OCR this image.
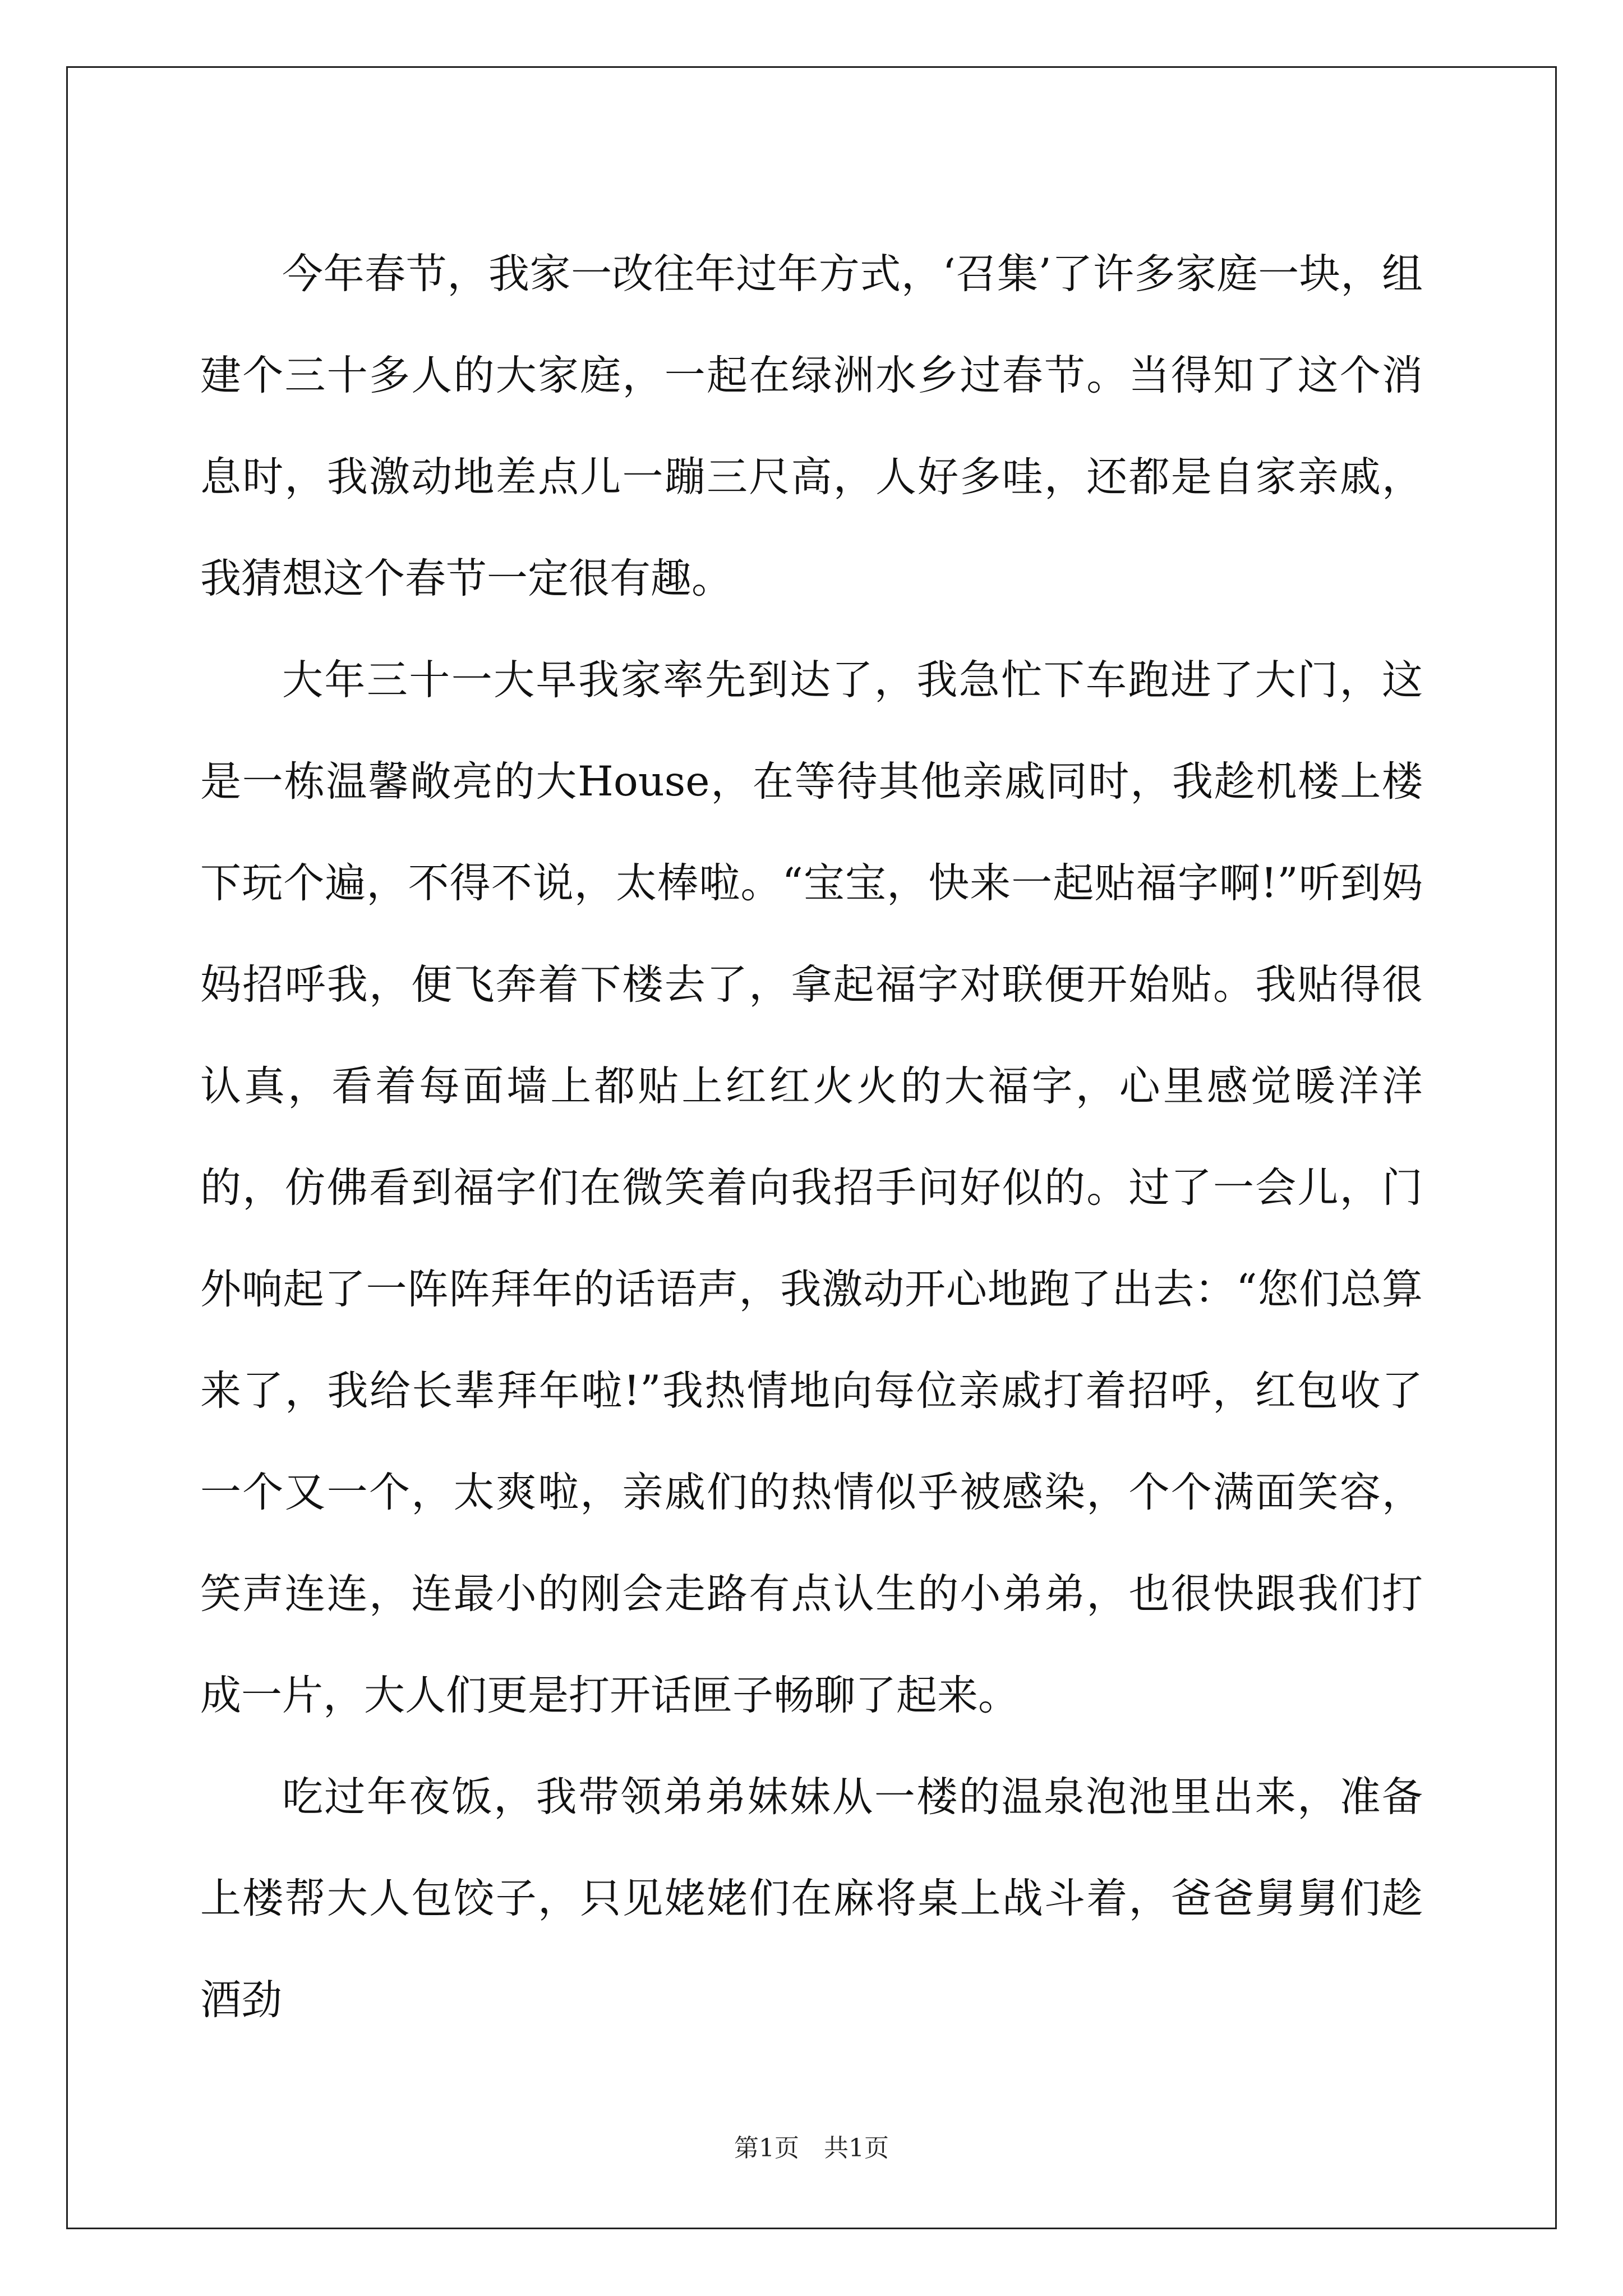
今年春节，我家一改往年过年方式，‘召集’了许多家庭一块，组建个三十多人的大家庭，一起在绿洲水乡过春节。当得知了这个消息时，我激动地差点儿一蹦三尺高，人好多哇，还都是自家亲戚，我猜想这个春节一定很有趣。

大年三十一大早我家率先到达了，我急忙下车跑进了大门，这是一栋温馨敞亮的大House，在等待其他亲戚同时，我趁机楼上楼下玩个遍，不得不说，太棒啦。“宝宝，快来一起贴福字啊!”听到妈妈招呼我，便飞奔着下楼去了，拿起福字对联便开始贴。我贴得很认真，看着每面墙上都贴上红红火火的大福字，心里感觉暖洋洋的，仿佛看到福字们在微笑着向我招手问好似的。过了一会儿，门外响起了一阵阵拜年的话语声，我激动开心地跑了出去：“您们总算来了，我给长辈拜年啦!”我热情地向每位亲戚打着招呼，红包收了一个又一个，太爽啦，亲戚们的热情似乎被感染，个个满面笑容，笑声连连，连最小的刚会走路有点认生的小弟弟，也很快跟我们打成一片，大人们更是打开话匣子畅聊了起来。

吃过年夜饭，我带领弟弟妹妹从一楼的温泉泡池里出来，准备上楼帮大人包饺子，只见姥姥们在麻将桌上战斗着，爸爸舅舅们趁酒劲

第1页　共1页
